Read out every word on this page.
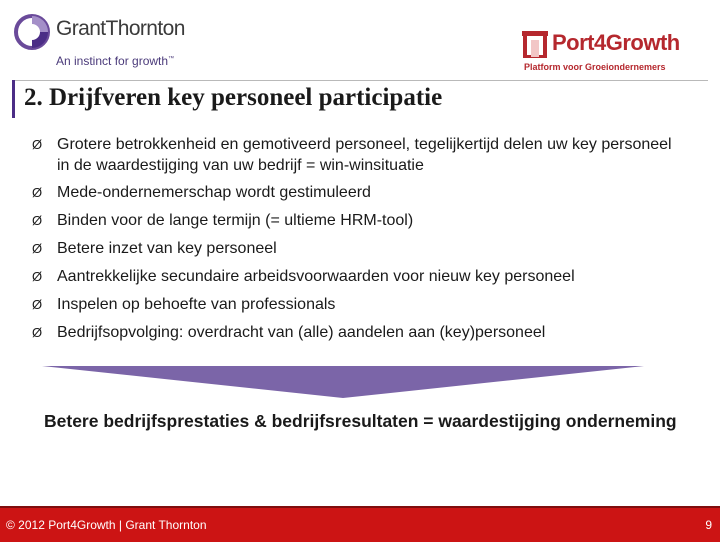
GrantThornton
An instinct for growth™
Port4Growth
Platform voor Groeiondernemers
2. Drijfveren key personeel participatie
Ø Grotere betrokkenheid en gemotiveerd personeel, tegelijkertijd delen uw key personeel in de waardestijging van uw bedrijf = win-winsituatie
Ø Mede-ondernemerschap wordt gestimuleerd
Ø Binden voor de lange termijn (= ultieme HRM-tool)
Ø Betere inzet van key personeel
Ø Aantrekkelijke secundaire arbeidsvoorwaarden voor nieuw key personeel
Ø Inspelen op behoefte van professionals
Ø Bedrijfsopvolging: overdracht van (alle) aandelen aan (key)personeel
Betere bedrijfsprestaties & bedrijfsresultaten = waardestijging onderneming
© 2012 Port4Growth | Grant Thornton	9
